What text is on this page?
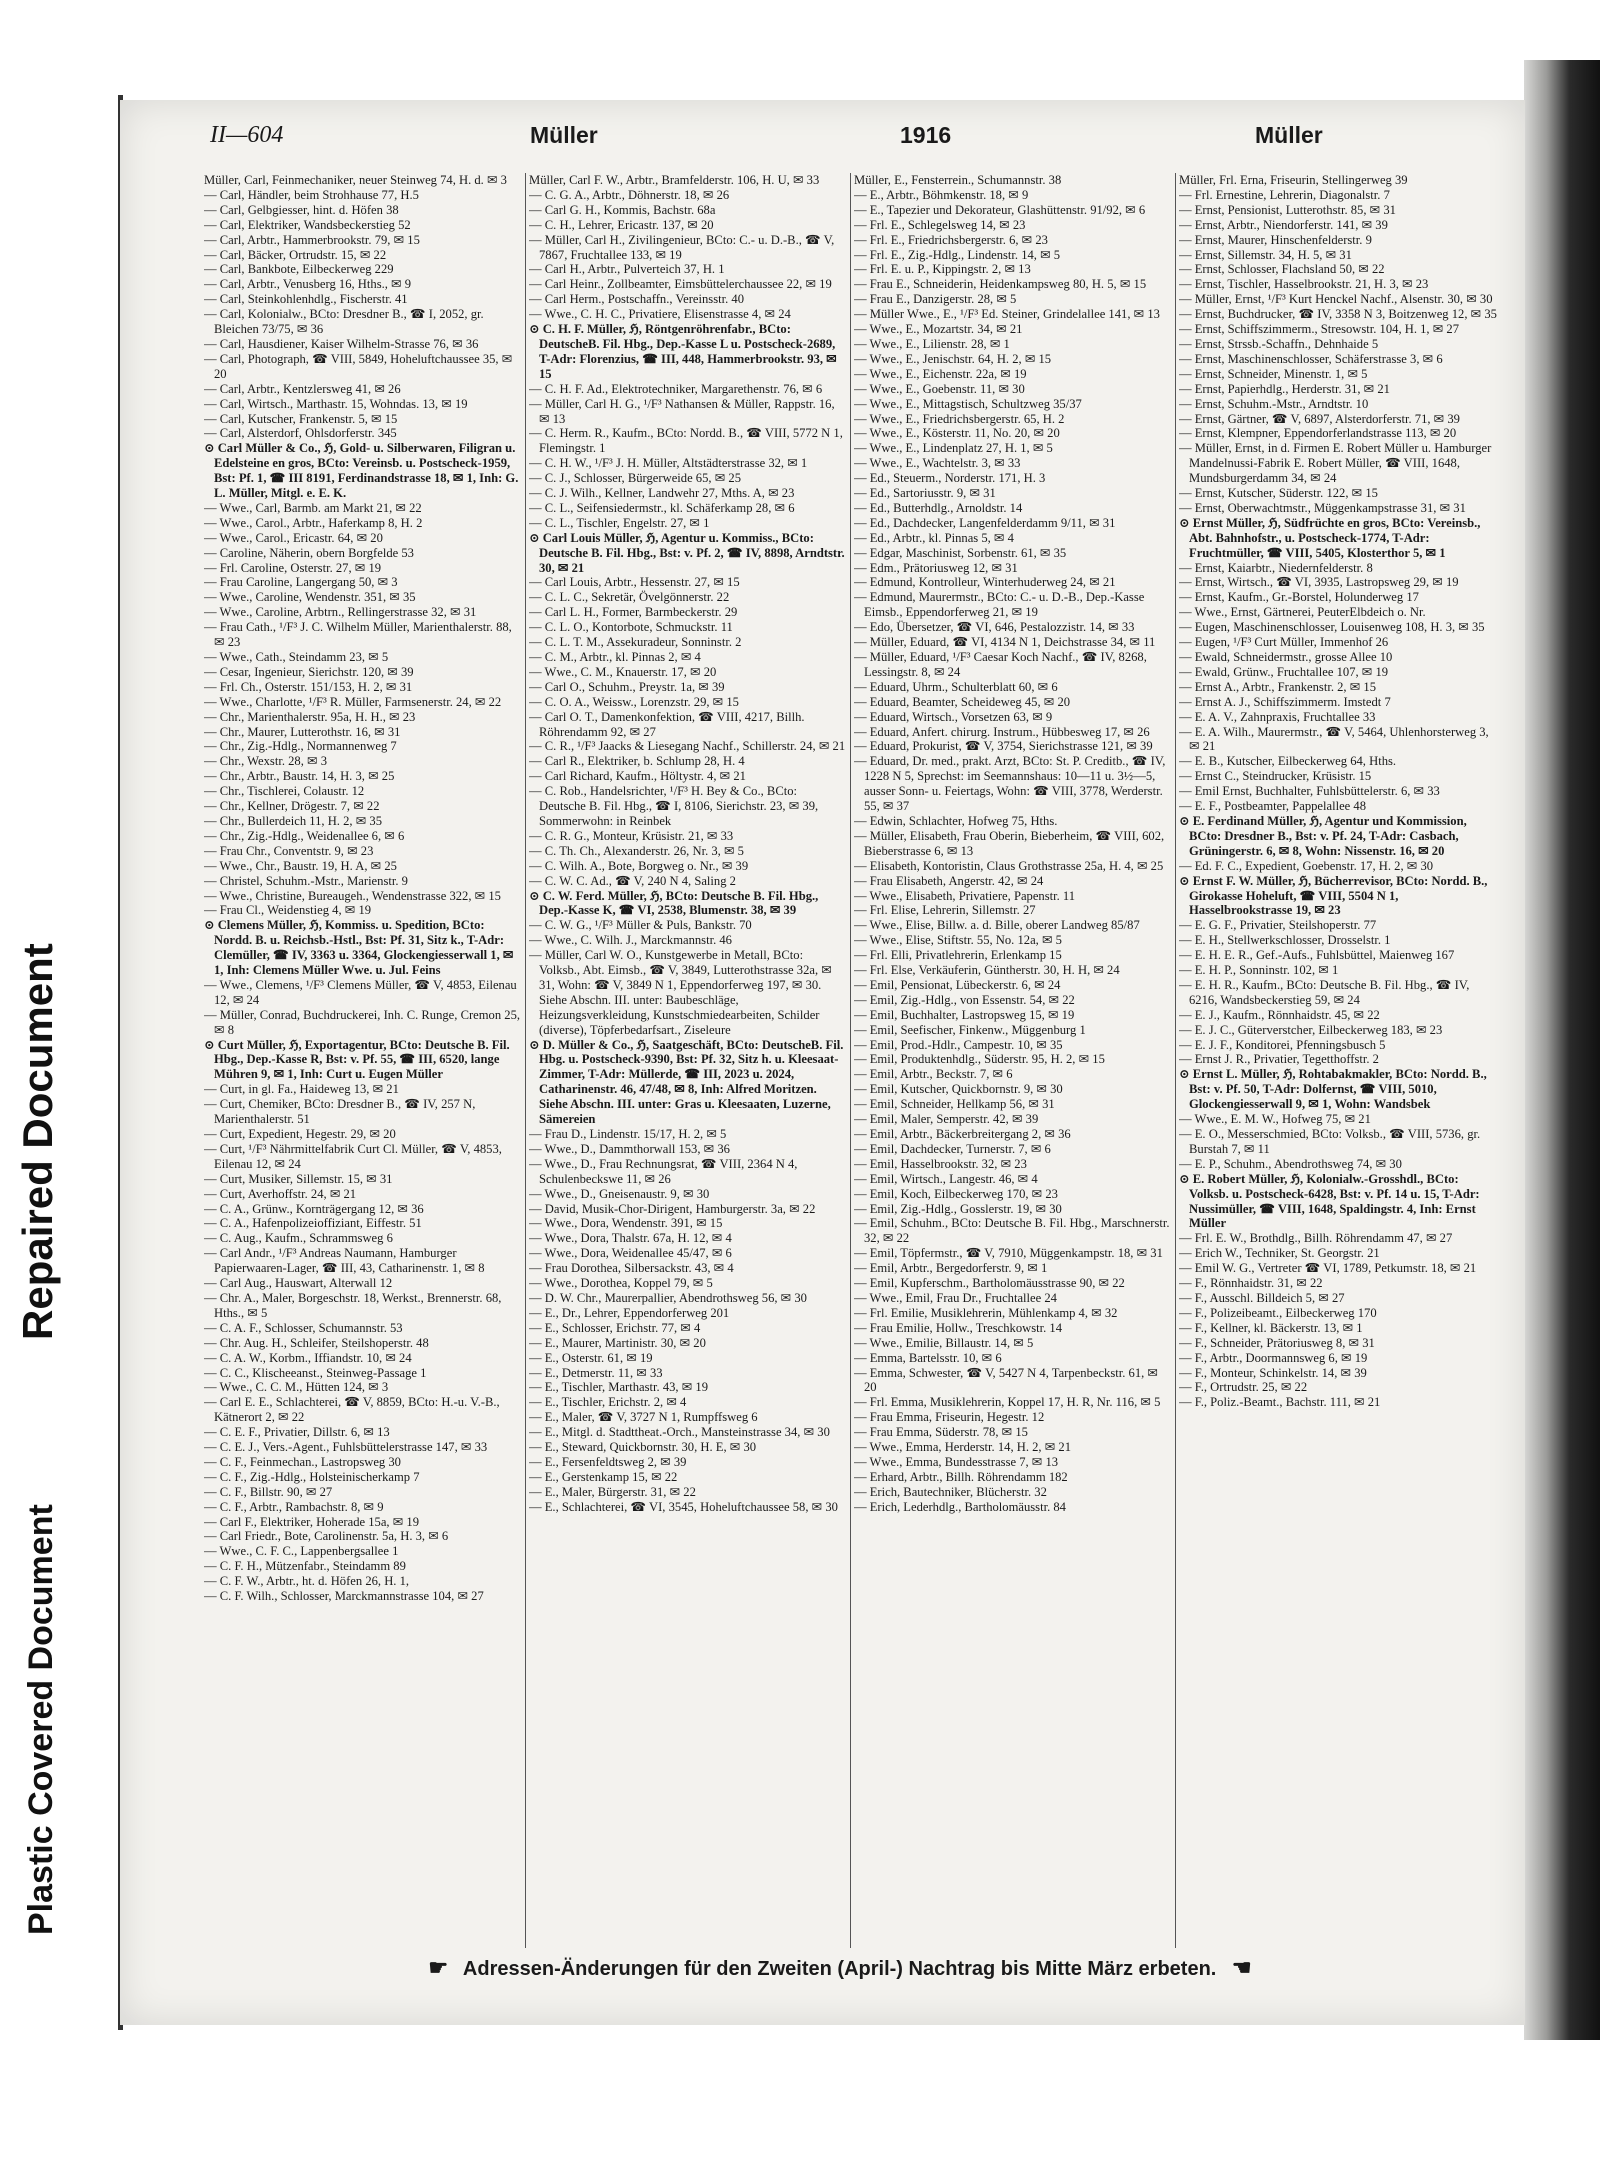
Repaired Document
Plastic Covered Document
II—604	Müller	1916	Müller

Müller, Carl, Feinmechaniker, neuer Steinweg 74, H. d. ✉ 3

— Carl, Händler, beim Strohhause 77, H.5

— Carl, Gelbgiesser, hint. d. Höfen 38

— Carl, Elektriker, Wandsbeckerstieg 52

— Carl, Arbtr., Hammerbrookstr. 79, ✉ 15

— Carl, Bäcker, Ortrudstr. 15, ✉ 22

— Carl, Bankbote, Eilbeckerweg 229

— Carl, Arbtr., Venusberg 16, Hths., ✉ 9

— Carl, Steinkohlenhdlg., Fischerstr. 41

— Carl, Kolonialw., BCto: Dresdner B., ☎ I, 2052, gr. Bleichen 73/75, ✉ 36

— Carl, Hausdiener, Kaiser Wilhelm-Strasse 76, ✉ 36

— Carl, Photograph, ☎ VIII, 5849, Hoheluftchaussee 35, ✉ 20

— Carl, Arbtr., Kentzlersweg 41, ✉ 26

— Carl, Wirtsch., Marthastr. 15, Wohndas. 13, ✉ 19

— Carl, Kutscher, Frankenstr. 5, ✉ 15

— Carl, Alsterdorf, Ohlsdorferstr. 345

⊙ Carl Müller & Co., ℌ, Gold- u. Silberwaren, Filigran u. Edelsteine en gros, BCto: Vereinsb. u. Postscheck-1959, Bst: Pf. 1, ☎ III 8191, Ferdinandstrasse 18, ✉ 1, Inh: G. L. Müller, Mitgl. e. E. K.

— Wwe., Carl, Barmb. am Markt 21, ✉ 22

— Wwe., Carol., Arbtr., Haferkamp 8, H. 2

— Wwe., Carol., Ericastr. 64, ✉ 20

— Caroline, Näherin, obern Borgfelde 53

— Frl. Caroline, Osterstr. 27, ✉ 19

— Frau Caroline, Langergang 50, ✉ 3

— Wwe., Caroline, Wendenstr. 351, ✉ 35

— Wwe., Caroline, Arbtrn., Rellingerstrasse 32, ✉ 31

— Frau Cath., ¹/F³ J. C. Wilhelm Müller, Marienthalerstr. 88, ✉ 23

— Wwe., Cath., Steindamm 23, ✉ 5

— Cesar, Ingenieur, Sierichstr. 120, ✉ 39

— Frl. Ch., Osterstr. 151/153, H. 2, ✉ 31

— Wwe., Charlotte, ¹/F³ R. Müller, Farmsenerstr. 24, ✉ 22

— Chr., Marienthalerstr. 95a, H. H., ✉ 23

— Chr., Maurer, Lutterothstr. 16, ✉ 31

— Chr., Zig.-Hdlg., Normannenweg 7

— Chr., Wexstr. 28, ✉ 3

— Chr., Arbtr., Baustr. 14, H. 3, ✉ 25

— Chr., Tischlerei, Colaustr. 12

— Chr., Kellner, Drögestr. 7, ✉ 22

— Chr., Bullerdeich 11, H. 2, ✉ 35

— Chr., Zig.-Hdlg., Weidenallee 6, ✉ 6

— Frau Chr., Conventstr. 9, ✉ 23

— Wwe., Chr., Baustr. 19, H. A, ✉ 25

— Christel, Schuhm.-Mstr., Marienstr. 9

— Wwe., Christine, Bureaugeh., Wendenstrasse 322, ✉ 15

— Frau Cl., Weidenstieg 4, ✉ 19

⊙ Clemens Müller, ℌ, Kommiss. u. Spedition, BCto: Nordd. B. u. Reichsb.-Hstl., Bst: Pf. 31, Sitz k., T-Adr: Clemüller, ☎ IV, 3363 u. 3364, Glockengiesserwall 1, ✉ 1, Inh: Clemens Müller Wwe. u. Jul. Feins

— Wwe., Clemens, ¹/F³ Clemens Müller, ☎ V, 4853, Eilenau 12, ✉ 24

— Müller, Conrad, Buchdruckerei, Inh. C. Runge, Cremon 25, ✉ 8

⊙ Curt Müller, ℌ, Exportagentur, BCto: Deutsche B. Fil. Hbg., Dep.-Kasse R, Bst: v. Pf. 55, ☎ III, 6520, lange Mühren 9, ✉ 1, Inh: Curt u. Eugen Müller

— Curt, in gl. Fa., Haideweg 13, ✉ 21

— Curt, Chemiker, BCto: Dresdner B., ☎ IV, 257 N, Marienthalerstr. 51

— Curt, Expedient, Hegestr. 29, ✉ 20

— Curt, ¹/F³ Nährmittelfabrik Curt Cl. Müller, ☎ V, 4853, Eilenau 12, ✉ 24

— Curt, Musiker, Sillemstr. 15, ✉ 31

— Curt, Averhoffstr. 24, ✉ 21

— C. A., Grünw., Kornträgergang 12, ✉ 36

— C. A., Hafenpolizeioffiziant, Eiffestr. 51

— C. Aug., Kaufm., Schrammsweg 6

— Carl Andr., ¹/F³ Andreas Naumann, Hamburger Papierwaaren-Lager, ☎ III, 43, Catharinenstr. 1, ✉ 8

— Carl Aug., Hauswart, Alterwall 12

— Chr. A., Maler, Borgeschstr. 18, Werkst., Brennerstr. 68, Hths., ✉ 5

— C. A. F., Schlosser, Schumannstr. 53

— Chr. Aug. H., Schleifer, Steilshoperstr. 48

— C. A. W., Korbm., Iffiandstr. 10, ✉ 24

— C. C., Klischeeanst., Steinweg-Passage 1

— Wwe., C. C. M., Hütten 124, ✉ 3

— Carl E. E., Schlachterei, ☎ V, 8859, BCto: H.-u. V.-B., Kätnerort 2, ✉ 22

— C. E. F., Privatier, Dillstr. 6, ✉ 13

— C. E. J., Vers.-Agent., Fuhlsbüttelerstrasse 147, ✉ 33

— C. F., Feinmechan., Lastropsweg 30

— C. F., Zig.-Hdlg., Holsteinischerkamp 7

— C. F., Billstr. 90, ✉ 27

— C. F., Arbtr., Rambachstr. 8, ✉ 9

— Carl F., Elektriker, Hoherade 15a, ✉ 19

— Carl Friedr., Bote, Carolinenstr. 5a, H. 3, ✉ 6

— Wwe., C. F. C., Lappenbergsallee 1

— C. F. H., Mützenfabr., Steindamm 89

— C. F. W., Arbtr., ht. d. Höfen 26, H. 1,

— C. F. Wilh., Schlosser, Marckmannstrasse 104, ✉ 27

Müller, Carl F. W., Arbtr., Bramfelderstr. 106, H. U, ✉ 33

— C. G. A., Arbtr., Döhnerstr. 18, ✉ 26

— Carl G. H., Kommis, Bachstr. 68a

— C. H., Lehrer, Ericastr. 137, ✉ 20

— Müller, Carl H., Zivilingenieur, BCto: C.- u. D.-B., ☎ V, 7867, Fruchtallee 133, ✉ 19

— Carl H., Arbtr., Pulverteich 37, H. 1

— Carl Heinr., Zollbeamter, Eimsbüttelerchaussee 22, ✉ 19

— Carl Herm., Postschaffn., Vereinsstr. 40

— Wwe., C. H. C., Privatiere, Elisenstrasse 4, ✉ 24

⊙ C. H. F. Müller, ℌ, Röntgenröhrenfabr., BCto: DeutscheB. Fil. Hbg., Dep.-Kasse L u. Postscheck-2689, T-Adr: Florenzius, ☎ III, 448, Hammerbrookstr. 93, ✉ 15

— C. H. F. Ad., Elektrotechniker, Margarethenstr. 76, ✉ 6

— Müller, Carl H. G., ¹/F³ Nathansen & Müller, Rappstr. 16, ✉ 13

— C. Herm. R., Kaufm., BCto: Nordd. B., ☎ VIII, 5772 N 1, Flemingstr. 1

— C. H. W., ¹/F³ J. H. Müller, Altstädterstrasse 32, ✉ 1

— C. J., Schlosser, Bürgerweide 65, ✉ 25

— C. J. Wilh., Kellner, Landwehr 27, Mths. A, ✉ 23

— C. L., Seifensiedermstr., kl. Schäferkamp 28, ✉ 6

— C. L., Tischler, Engelstr. 27, ✉ 1

⊙ Carl Louis Müller, ℌ, Agentur u. Kommiss., BCto: Deutsche B. Fil. Hbg., Bst: v. Pf. 2, ☎ IV, 8898, Arndtstr. 30, ✉ 21

— Carl Louis, Arbtr., Hessenstr. 27, ✉ 15

— C. L. C., Sekretär, Övelgönnerstr. 22

— Carl L. H., Former, Barmbeckerstr. 29

— C. L. O., Kontorbote, Schmuckstr. 11

— C. L. T. M., Assekuradeur, Sonninstr. 2

— C. M., Arbtr., kl. Pinnas 2, ✉ 4

— Wwe., C. M., Knauerstr. 17, ✉ 20

— Carl O., Schuhm., Preystr. 1a, ✉ 39

— C. O. A., Weissw., Lorenzstr. 29, ✉ 15

— Carl O. T., Damenkonfektion, ☎ VIII, 4217, Billh. Röhrendamm 92, ✉ 27

— C. R., ¹/F³ Jaacks & Liesegang Nachf., Schillerstr. 24, ✉ 21

— Carl R., Elektriker, b. Schlump 28, H. 4

— Carl Richard, Kaufm., Höltystr. 4, ✉ 21

— C. Rob., Handelsrichter, ¹/F³ H. Bey & Co., BCto: Deutsche B. Fil. Hbg., ☎ I, 8106, Sierichstr. 23, ✉ 39, Sommerwohn: in Reinbek

— C. R. G., Monteur, Krüsistr. 21, ✉ 33

— C. Th. Ch., Alexanderstr. 26, Nr. 3, ✉ 5

— C. Wilh. A., Bote, Borgweg o. Nr., ✉ 39

— C. W. C. Ad., ☎ V, 240 N 4, Saling 2

⊙ C. W. Ferd. Müller, ℌ, BCto: Deutsche B. Fil. Hbg., Dep.-Kasse K, ☎ VI, 2538, Blumenstr. 38, ✉ 39

— C. W. G., ¹/F³ Müller & Puls, Bankstr. 70

— Wwe., C. Wilh. J., Marckmannstr. 46

— Müller, Carl W. O., Kunstgewerbe in Metall, BCto: Volksb., Abt. Eimsb., ☎ V, 3849, Lutterothstrasse 32a, ✉ 31, Wohn: ☎ V, 3849 N 1, Eppendorferweg 197, ✉ 30. Siehe Abschn. III. unter: Baubeschläge, Heizungsverkleidung, Kunstschmiedearbeiten, Schilder (diverse), Töpferbedarfsart., Ziseleure

⊙ D. Müller & Co., ℌ, Saatgeschäft, BCto: DeutscheB. Fil. Hbg. u. Postscheck-9390, Bst: Pf. 32, Sitz h. u. Kleesaat-Zimmer, T-Adr: Müllerde, ☎ III, 2023 u. 2024, Catharinenstr. 46, 47/48, ✉ 8, Inh: Alfred Moritzen. Siehe Abschn. III. unter: Gras u. Kleesaaten, Luzerne, Sämereien

— Frau D., Lindenstr. 15/17, H. 2, ✉ 5

— Wwe., D., Dammthorwall 153, ✉ 36

— Wwe., D., Frau Rechnungsrat, ☎ VIII, 2364 N 4, Schulenbeckswe 11, ✉ 26

— Wwe., D., Gneisenaustr. 9, ✉ 30

— David, Musik-Chor-Dirigent, Hamburgerstr. 3a, ✉ 22

— Wwe., Dora, Wendenstr. 391, ✉ 15

— Wwe., Dora, Thalstr. 67a, H. 12, ✉ 4

— Wwe., Dora, Weidenallee 45/47, ✉ 6

— Frau Dorothea, Silbersackstr. 43, ✉ 4

— Wwe., Dorothea, Koppel 79, ✉ 5

— D. W. Chr., Maurerpallier, Abendrothsweg 56, ✉ 30

— E., Dr., Lehrer, Eppendorferweg 201

— E., Schlosser, Erichstr. 77, ✉ 4

— E., Maurer, Martinistr. 30, ✉ 20

— E., Osterstr. 61, ✉ 19

— E., Detmerstr. 11, ✉ 33

— E., Tischler, Marthastr. 43, ✉ 19

— E., Tischler, Erichstr. 2, ✉ 4

— E., Maler, ☎ V, 3727 N 1, Rumpffsweg 6

— E., Mitgl. d. Stadttheat.-Orch., Mansteinstrasse 34, ✉ 30

— E., Steward, Quickbornstr. 30, H. E, ✉ 30

— E., Fersenfeldtsweg 2, ✉ 39

— E., Gerstenkamp 15, ✉ 22

— E., Maler, Bürgerstr. 31, ✉ 22

— E., Schlachterei, ☎ VI, 3545, Hoheluftchaussee 58, ✉ 30

Müller, E., Fensterrein., Schumannstr. 38

— E., Arbtr., Böhmkenstr. 18, ✉ 9

— E., Tapezier und Dekorateur, Glashüttenstr. 91/92, ✉ 6

— Frl. E., Schlegelsweg 14, ✉ 23

— Frl. E., Friedrichsbergerstr. 6, ✉ 23

— Frl. E., Zig.-Hdlg., Lindenstr. 14, ✉ 5

— Frl. E. u. P., Kippingstr. 2, ✉ 13

— Frau E., Schneiderin, Heidenkampsweg 80, H. 5, ✉ 15

— Frau E., Danzigerstr. 28, ✉ 5

— Müller Wwe., E., ¹/F³ Ed. Steiner, Grindelallee 141, ✉ 13

— Wwe., E., Mozartstr. 34, ✉ 21

— Wwe., E., Lilienstr. 28, ✉ 1

— Wwe., E., Jenischstr. 64, H. 2, ✉ 15

— Wwe., E., Eichenstr. 22a, ✉ 19

— Wwe., E., Goebenstr. 11, ✉ 30

— Wwe., E., Mittagstisch, Schultzweg 35/37

— Wwe., E., Friedrichsbergerstr. 65, H. 2

— Wwe., E., Kösterstr. 11, No. 20, ✉ 20

— Wwe., E., Lindenplatz 27, H. 1, ✉ 5

— Wwe., E., Wachtelstr. 3, ✉ 33

— Ed., Steuerm., Norderstr. 171, H. 3

— Ed., Sartoriusstr. 9, ✉ 31

— Ed., Butterhdlg., Arnoldstr. 14

— Ed., Dachdecker, Langenfelderdamm 9/11, ✉ 31

— Ed., Arbtr., kl. Pinnas 5, ✉ 4

— Edgar, Maschinist, Sorbenstr. 61, ✉ 35

— Edm., Prätoriusweg 12, ✉ 31

— Edmund, Kontrolleur, Winterhuderweg 24, ✉ 21

— Edmund, Maurermstr., BCto: C.- u. D.-B., Dep.-Kasse Eimsb., Eppendorferweg 21, ✉ 19

— Edo, Übersetzer, ☎ VI, 646, Pestalozzistr. 14, ✉ 33

— Müller, Eduard, ☎ VI, 4134 N 1, Deichstrasse 34, ✉ 11

— Müller, Eduard, ¹/F³ Caesar Koch Nachf., ☎ IV, 8268, Lessingstr. 8, ✉ 24

— Eduard, Uhrm., Schulterblatt 60, ✉ 6

— Eduard, Beamter, Scheideweg 45, ✉ 20

— Eduard, Wirtsch., Vorsetzen 63, ✉ 9

— Eduard, Anfert. chirurg. Instrum., Hübbesweg 17, ✉ 26

— Eduard, Prokurist, ☎ V, 3754, Sierichstrasse 121, ✉ 39

— Eduard, Dr. med., prakt. Arzt, BCto: St. P. Creditb., ☎ IV, 1228 N 5, Sprechst: im Seemannshaus: 10—11 u. 3½—5, ausser Sonn- u. Feiertags, Wohn: ☎ VIII, 3778, Werderstr. 55, ✉ 37

— Edwin, Schlachter, Hofweg 75, Hths.

— Müller, Elisabeth, Frau Oberin, Bieberheim, ☎ VIII, 602, Bieberstrasse 6, ✉ 13

— Elisabeth, Kontoristin, Claus Grothstrasse 25a, H. 4, ✉ 25

— Frau Elisabeth, Angerstr. 42, ✉ 24

— Wwe., Elisabeth, Privatiere, Papenstr. 11

— Frl. Elise, Lehrerin, Sillemstr. 27

— Wwe., Elise, Billw. a. d. Bille, oberer Landweg 85/87

— Wwe., Elise, Stiftstr. 55, No. 12a, ✉ 5

— Frl. Elli, Privatlehrerin, Erlenkamp 15

— Frl. Else, Verkäuferin, Güntherstr. 30, H. H, ✉ 24

— Emil, Pensionat, Lübeckerstr. 6, ✉ 24

— Emil, Zig.-Hdlg., von Essenstr. 54, ✉ 22

— Emil, Buchhalter, Lastropsweg 15, ✉ 19

— Emil, Seefischer, Finkenw., Müggenburg 1

— Emil, Prod.-Hdlr., Campestr. 10, ✉ 35

— Emil, Produktenhdlg., Süderstr. 95, H. 2, ✉ 15

— Emil, Arbtr., Beckstr. 7, ✉ 6

— Emil, Kutscher, Quickbornstr. 9, ✉ 30

— Emil, Schneider, Hellkamp 56, ✉ 31

— Emil, Maler, Semperstr. 42, ✉ 39

— Emil, Arbtr., Bäckerbreitergang 2, ✉ 36

— Emil, Dachdecker, Turnerstr. 7, ✉ 6

— Emil, Hasselbrookstr. 32, ✉ 23

— Emil, Wirtsch., Langestr. 46, ✉ 4

— Emil, Koch, Eilbeckerweg 170, ✉ 23

— Emil, Zig.-Hdlg., Gosslerstr. 19, ✉ 30

— Emil, Schuhm., BCto: Deutsche B. Fil. Hbg., Marschnerstr. 32, ✉ 22

— Emil, Töpfermstr., ☎ V, 7910, Müggenkampstr. 18, ✉ 31

— Emil, Arbtr., Bergedorferstr. 9, ✉ 1

— Emil, Kupferschm., Bartholomäusstrasse 90, ✉ 22

— Wwe., Emil, Frau Dr., Fruchtallee 24

— Frl. Emilie, Musiklehrerin, Mühlenkamp 4, ✉ 32

— Frau Emilie, Hollw., Treschkowstr. 14

— Wwe., Emilie, Billaustr. 14, ✉ 5

— Emma, Bartelsstr. 10, ✉ 6

— Emma, Schwester, ☎ V, 5427 N 4, Tarpenbeckstr. 61, ✉ 20

— Frl. Emma, Musiklehrerin, Koppel 17, H. R, Nr. 116, ✉ 5

— Frau Emma, Friseurin, Hegestr. 12

— Frau Emma, Süderstr. 78, ✉ 15

— Wwe., Emma, Herderstr. 14, H. 2, ✉ 21

— Wwe., Emma, Bundesstrasse 7, ✉ 13

— Erhard, Arbtr., Billh. Röhrendamm 182

— Erich, Bautechniker, Blücherstr. 32

— Erich, Lederhdlg., Bartholomäusstr. 84

Müller, Frl. Erna, Friseurin, Stellingerweg 39

— Frl. Ernestine, Lehrerin, Diagonalstr. 7

— Ernst, Pensionist, Lutterothstr. 85, ✉ 31

— Ernst, Arbtr., Niendorferstr. 141, ✉ 39

— Ernst, Maurer, Hinschenfelderstr. 9

— Ernst, Sillemstr. 34, H. 5, ✉ 31

— Ernst, Schlosser, Flachsland 50, ✉ 22

— Ernst, Tischler, Hasselbrookstr. 21, H. 3, ✉ 23

— Müller, Ernst, ¹/F³ Kurt Henckel Nachf., Alsenstr. 30, ✉ 30

— Ernst, Buchdrucker, ☎ IV, 3358 N 3, Boitzenweg 12, ✉ 35

— Ernst, Schiffszimmerm., Stresowstr. 104, H. 1, ✉ 27

— Ernst, Strssb.-Schaffn., Dehnhaide 5

— Ernst, Maschinenschlosser, Schäferstrasse 3, ✉ 6

— Ernst, Schneider, Minenstr. 1, ✉ 5

— Ernst, Papierhdlg., Herderstr. 31, ✉ 21

— Ernst, Schuhm.-Mstr., Arndtstr. 10

— Ernst, Gärtner, ☎ V, 6897, Alsterdorferstr. 71, ✉ 39

— Ernst, Klempner, Eppendorferlandstrasse 113, ✉ 20

— Müller, Ernst, in d. Firmen E. Robert Müller u. Hamburger Mandelnussi-Fabrik E. Robert Müller, ☎ VIII, 1648, Mundsburgerdamm 34, ✉ 24

— Ernst, Kutscher, Süderstr. 122, ✉ 15

— Ernst, Oberwachtmstr., Müggenkampstrasse 31, ✉ 31

⊙ Ernst Müller, ℌ, Südfrüchte en gros, BCto: Vereinsb., Abt. Bahnhofstr., u. Postscheck-1774, T-Adr: Fruchtmüller, ☎ VIII, 5405, Klosterthor 5, ✉ 1

— Ernst, Kaiarbtr., Niedernfelderstr. 8

— Ernst, Wirtsch., ☎ VI, 3935, Lastropsweg 29, ✉ 19

— Ernst, Kaufm., Gr.-Borstel, Holunderweg 17

— Wwe., Ernst, Gärtnerei, PeuterElbdeich o. Nr.

— Eugen, Maschinenschlosser, Louisenweg 108, H. 3, ✉ 35

— Eugen, ¹/F³ Curt Müller, Immenhof 26

— Ewald, Schneidermstr., grosse Allee 10

— Ewald, Grünw., Fruchtallee 107, ✉ 19

— Ernst A., Arbtr., Frankenstr. 2, ✉ 15

— Ernst A. J., Schiffszimmerm. Imstedt 7

— E. A. V., Zahnpraxis, Fruchtallee 33

— E. A. Wilh., Maurermstr., ☎ V, 5464, Uhlenhorsterweg 3, ✉ 21

— E. B., Kutscher, Eilbeckerweg 64, Hths.

— Ernst C., Steindrucker, Krüsistr. 15

— Emil Ernst, Buchhalter, Fuhlsbüttelerstr. 6, ✉ 33

— E. F., Postbeamter, Pappelallee 48

⊙ E. Ferdinand Müller, ℌ, Agentur und Kommission, BCto: Dresdner B., Bst: v. Pf. 24, T-Adr: Casbach, Grüningerstr. 6, ✉ 8, Wohn: Nissenstr. 16, ✉ 20

— Ed. F. C., Expedient, Goebenstr. 17, H. 2, ✉ 30

⊙ Ernst F. W. Müller, ℌ, Bücherrevisor, BCto: Nordd. B., Girokasse Hoheluft, ☎ VIII, 5504 N 1, Hasselbrookstrasse 19, ✉ 23

— E. G. F., Privatier, Steilshoperstr. 77

— E. H., Stellwerkschlosser, Drosselstr. 1

— E. H. E. R., Gef.-Aufs., Fuhlsbüttel, Maienweg 167

— E. H. P., Sonninstr. 102, ✉ 1

— E. H. R., Kaufm., BCto: Deutsche B. Fil. Hbg., ☎ IV, 6216, Wandsbeckerstieg 59, ✉ 24

— E. J., Kaufm., Rönnhaidstr. 45, ✉ 22

— E. J. C., Güterverstcher, Eilbeckerweg 183, ✉ 23

— E. J. F., Konditorei, Pfenningsbusch 5

— Ernst J. R., Privatier, Tegetthoffstr. 2

⊙ Ernst L. Müller, ℌ, Rohtabakmakler, BCto: Nordd. B., Bst: v. Pf. 50, T-Adr: Dolfernst, ☎ VIII, 5010, Glockengiesserwall 9, ✉ 1, Wohn: Wandsbek

— Wwe., E. M. W., Hofweg 75, ✉ 21

— E. O., Messerschmied, BCto: Volksb., ☎ VIII, 5736, gr. Burstah 7, ✉ 11

— E. P., Schuhm., Abendrothsweg 74, ✉ 30

⊙ E. Robert Müller, ℌ, Kolonialw.-Grosshdl., BCto: Volksb. u. Postscheck-6428, Bst: v. Pf. 14 u. 15, T-Adr: Nussimüller, ☎ VIII, 1648, Spaldingstr. 4, Inh: Ernst Müller

— Frl. E. W., Brothdlg., Billh. Röhrendamm 47, ✉ 27

— Erich W., Techniker, St. Georgstr. 21

— Emil W. G., Vertreter ☎ VI, 1789, Petkumstr. 18, ✉ 21

— F., Rönnhaidstr. 31, ✉ 22

— F., Ausschl. Billdeich 5, ✉ 27

— F., Polizeibeamt., Eilbeckerweg 170

— F., Kellner, kl. Bäckerstr. 13, ✉ 1

— F., Schneider, Prätoriusweg 8, ✉ 31

— F., Arbtr., Doormannsweg 6, ✉ 19

— F., Monteur, Schinkelstr. 14, ✉ 39

— F., Ortrudstr. 25, ✉ 22

— F., Poliz.-Beamt., Bachstr. 111, ✉ 21

☛ Adressen-Änderungen für den Zweiten (April-) Nachtrag bis Mitte März erbeten. ☚
